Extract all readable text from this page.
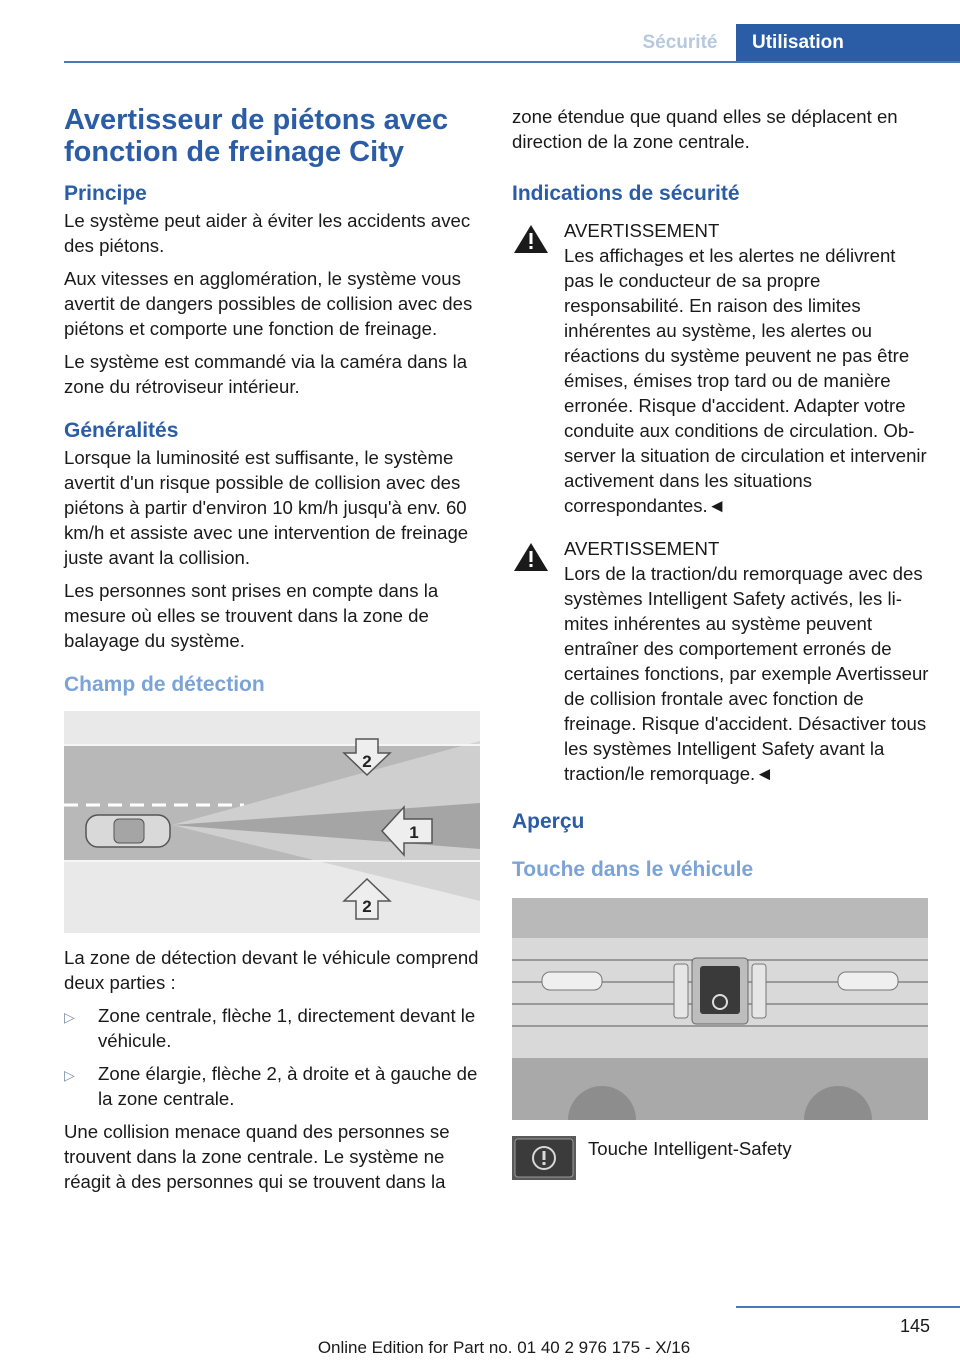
Sécurité	Utilisation
Avertisseur de piétons avec fonction de freinage City
Principe

Le système peut aider à éviter les accidents avec des piétons.

Aux vitesses en agglomération, le système vous avertit de dangers possibles de collision avec des piétons et comporte une fonction de freinage.

Le système est commandé via la caméra dans la zone du rétroviseur intérieur.

Généralités

Lorsque la luminosité est suffisante, le système avertit d'un risque possible de collision avec des piétons à partir d'environ 10 km/h jusqu'à env. 60 km/h et assiste avec une intervention de freinage juste avant la collision.

Les personnes sont prises en compte dans la mesure où elles se trouvent dans la zone de balayage du système.

Champ de détection
2
1
2

La zone de détection devant le véhicule comprend deux parties :

▷	Zone centrale, flèche 1, directement devant le véhicule.
▷	Zone élargie, flèche 2, à droite et à gauche de la zone centrale.

Une collision menace quand des personnes se trouvent dans la zone centrale. Le système ne réagit à des personnes qui se trouvent dans la

zone étendue que quand elles se déplacent en direction de la zone centrale.

Indications de sécurité
AVERTISSEMENT
Les affichages et les alertes ne délivrent pas le conducteur de sa propre responsabilité. En raison des limites inhérentes au système, les alertes ou réactions du système peuvent ne pas être émises, émises trop tard ou de manière erronée. Risque d'accident. Adapter votre conduite aux conditions de circulation. Observer la situation de circulation et intervenir activement dans les situations correspondantes.◄
AVERTISSEMENT
Lors de la traction/du remorquage avec des systèmes Intelligent Safety activés, les limites inhérentes au système peuvent entraîner des comportement erronés de certaines fonctions, par exemple Avertisseur de collision frontale avec fonction de freinage. Risque d'accident. Désactiver tous les systèmes Intelligent Safety avant la traction/le remorquage.◄
Aperçu
Touche dans le véhicule
Touche Intelligent-Safety
145
Online Edition for Part no. 01 40 2 976 175 - X/16
